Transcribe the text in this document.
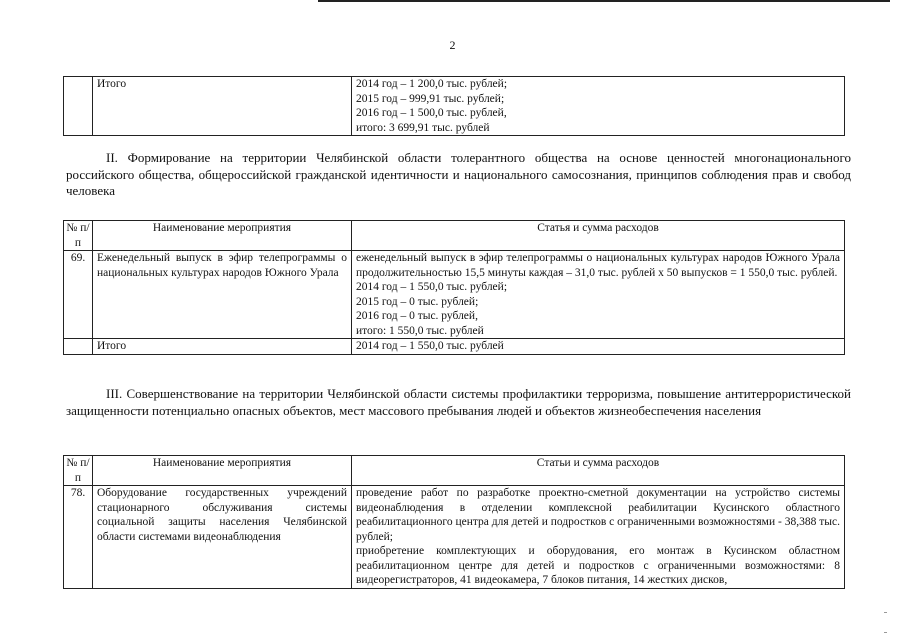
2
	Итого	2014 год – 1 200,0 тыс. рублей;
2015 год – 999,91 тыс. рублей;
2016 год – 1 500,0 тыс. рублей,
итого: 3 699,91 тыс. рублей
II. Формирование на территории Челябинской области толерантного общества на основе ценностей многонационального российского общества, общероссийской гражданской идентичности и национального самосознания, принципов соблюдения прав и свобод человека
№ п/п	Наименование мероприятия	Статья и сумма расходов
69.	Еженедельный выпуск в эфир телепрограммы о национальных культурах народов Южного Урала	еженедельный выпуск в эфир телепрограммы о национальных культурах народов Южного Урала продолжительностью 15,5 минуты каждая – 31,0 тыс. рублей х 50 выпусков = 1 550,0 тыс. рублей.
2014 год – 1 550,0 тыс. рублей;
2015 год – 0 тыс. рублей;
2016 год – 0 тыс. рублей,
итого: 1 550,0 тыс. рублей

	Итого	2014 год – 1 550,0 тыс. рублей
III. Совершенствование на территории Челябинской области системы профилактики терроризма, повышение антитеррористической защищенности потенциально опасных объектов, мест массового пребывания людей и объектов жизнеобеспечения населения
№ п/п	Наименование мероприятия	Статьи и сумма расходов
78.	Оборудование государственных учреждений стационарного обслуживания системы социальной защиты населения Челябинской области системами видеонаблюдения	проведение работ по разработке проектно-сметной документации на устройство системы видеонаблюдения в отделении комплексной реабилитации Кусинского областного реабилитационного центра для детей и подростков с ограниченными возможностями - 38,388 тыс. рублей;
приобретение комплектующих и оборудования, его монтаж в Кусинском областном реабилитационном центре для детей и подростков с ограниченными возможностями: 8 видеорегистраторов, 41 видеокамера, 7 блоков питания, 14 жестких дисков,
